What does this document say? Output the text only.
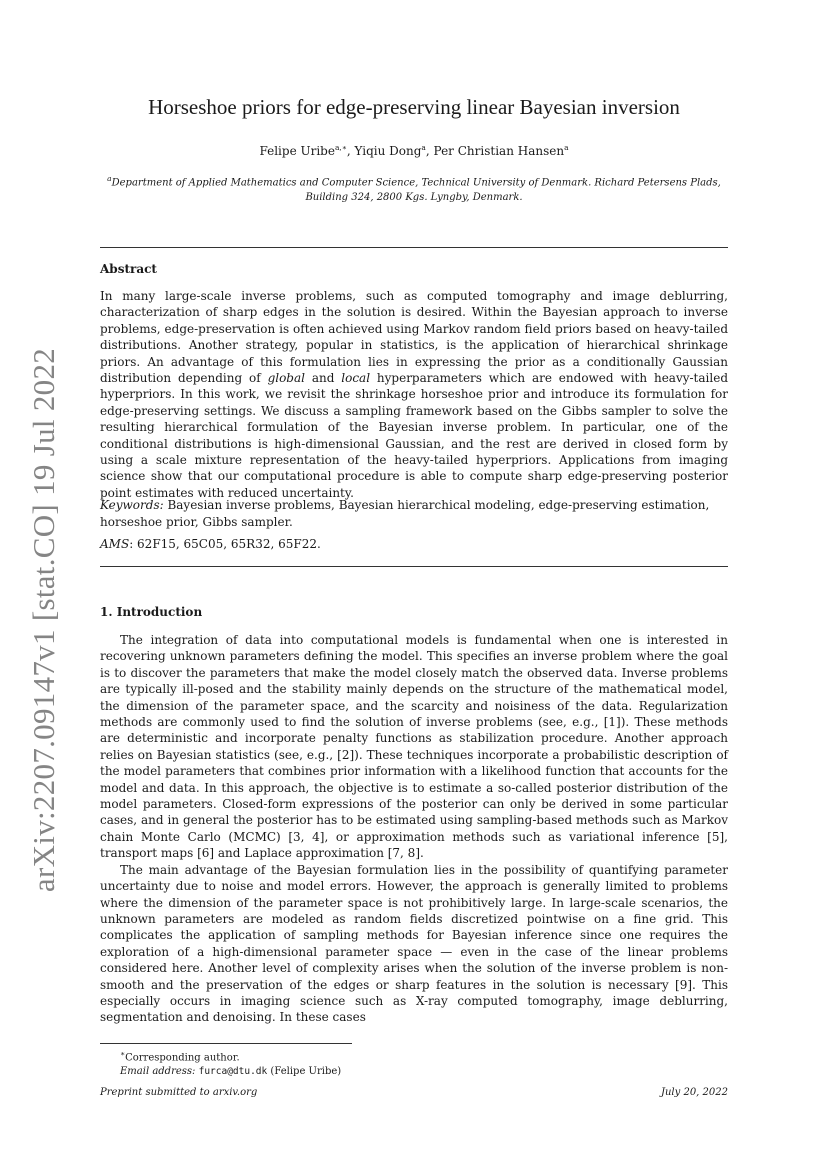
arXiv:2207.09147v1 [stat.CO] 19 Jul 2022
Horseshoe priors for edge-preserving linear Bayesian inversion
Felipe Uribe$^{a,∗}$, Yiqiu Dong$^a$, Per Christian Hansen$^a$
$^a$Department of Applied Mathematics and Computer Science, Technical University of Denmark. Richard Petersens Plads,
Building 324, 2800 Kgs. Lyngby, Denmark.
Abstract
In many large-scale inverse problems, such as computed tomography and image deblurring, characterization of sharp edges in the solution is desired. Within the Bayesian approach to inverse problems, edge-preservation is often achieved using Markov random field priors based on heavy-tailed distributions. Another strategy, popular in statistics, is the application of hierarchical shrinkage priors. An advantage of this formulation lies in expressing the prior as a conditionally Gaussian distribution depending of global and local hyperparameters which are endowed with heavy-tailed hyperpriors. In this work, we revisit the shrinkage horseshoe prior and introduce its formulation for edge-preserving settings. We discuss a sampling framework based on the Gibbs sampler to solve the resulting hierarchical formulation of the Bayesian inverse problem. In particular, one of the conditional distributions is high-dimensional Gaussian, and the rest are derived in closed form by using a scale mixture representation of the heavy-tailed hyperpriors. Applications from imaging science show that our computational procedure is able to compute sharp edge-preserving posterior point estimates with reduced uncertainty.
Keywords: Bayesian inverse problems, Bayesian hierarchical modeling, edge-preserving estimation, horseshoe prior, Gibbs sampler.
AMS: 62F15, 65C05, 65R32, 65F22.
1. Introduction

The integration of data into computational models is fundamental when one is interested in recovering unknown parameters defining the model. This specifies an inverse problem where the goal is to discover the parameters that make the model closely match the observed data. Inverse problems are typically ill-posed and the stability mainly depends on the structure of the mathematical model, the dimension of the parameter space, and the scarcity and noisiness of the data. Regularization methods are commonly used to find the solution of inverse problems (see, e.g., [1]). These methods are deterministic and incorporate penalty functions as stabilization procedure. Another approach relies on Bayesian statistics (see, e.g., [2]). These techniques incorporate a probabilistic description of the model parameters that combines prior information with a likelihood function that accounts for the model and data. In this approach, the objective is to estimate a so-called posterior distribution of the model parameters. Closed-form expressions of the posterior can only be derived in some particular cases, and in general the posterior has to be estimated using sampling-based methods such as Markov chain Monte Carlo (MCMC) [3, 4], or approximation methods such as variational inference [5], transport maps [6] and Laplace approximation [7, 8].

The main advantage of the Bayesian formulation lies in the possibility of quantifying parameter uncertainty due to noise and model errors. However, the approach is generally limited to problems where the dimension of the parameter space is not prohibitively large. In large-scale scenarios, the unknown parameters are modeled as random fields discretized pointwise on a fine grid. This complicates the application of sampling methods for Bayesian inference since one requires the exploration of a high-dimensional parameter space — even in the case of the linear problems considered here. Another level of complexity arises when the solution of the inverse problem is non-smooth and the preservation of the edges or sharp features in the solution is necessary [9]. This especially occurs in imaging science such as X-ray computed tomography, image deblurring, segmentation and denoising. In these cases

∗Corresponding author.
Email address: furca@dtu.dk (Felipe Uribe)
Preprint submitted to arxiv.org	July 20, 2022
